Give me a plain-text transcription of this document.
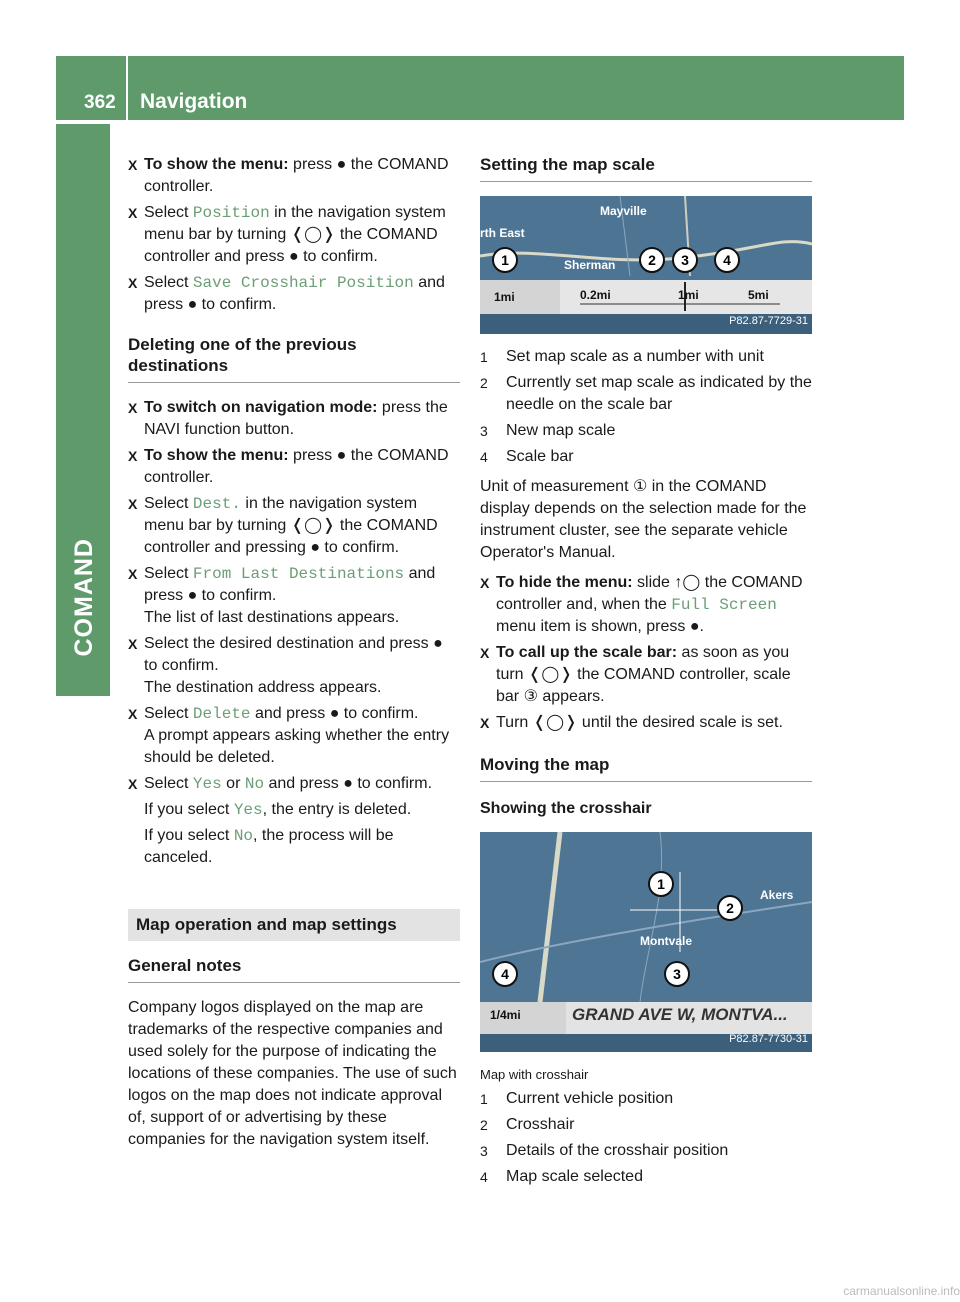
362 Navigation
COMAND

X To show the menu: press ● the COMAND controller.

X Select Position in the navigation system menu bar by turning ❬◯❭ the COMAND controller and press ● to confirm.

X Select Save Crosshair Position and press ● to confirm.

Deleting one of the previous destinations

X To switch on navigation mode: press the NAVI function button.

X To show the menu: press ● the COMAND controller.

X Select Dest. in the navigation system menu bar by turning ❬◯❭ the COMAND controller and pressing ● to confirm.

X Select From Last Destinations and press ● to confirm.

The list of last destinations appears.

X Select the desired destination and press ● to confirm.

The destination address appears.

X Select Delete and press ● to confirm.

A prompt appears asking whether the entry should be deleted.

X Select Yes or No and press ● to confirm.

If you select Yes, the entry is deleted.

If you select No, the process will be canceled.

Map operation and map settings
General notes

Company logos displayed on the map are trademarks of the respective companies and used solely for the purpose of indicating the locations of these companies. The use of such logos on the map does not indicate approval of, support of or advertising by these companies for the navigation system itself.

Setting the map scale
1	2 3 4
Mayville
rth East
Sherman
1mi	0.2mi	1mi	5mi
P82.87-7729-31
1	Set map scale as a number with unit
2	Currently set map scale as indicated by the needle on the scale bar
3	New map scale
4	Scale bar

Unit of measurement ① in the COMAND display depends on the selection made for the instrument cluster, see the separate vehicle Operator's Manual.

X To hide the menu: slide ↑◯ the COMAND controller and, when the Full Screen menu item is shown, press ●.

X To call up the scale bar: as soon as you turn ❬◯❭ the COMAND controller, scale bar ③ appears.

X Turn ❬◯❭ until the desired scale is set.

Moving the map
Showing the crosshair
1
2
3
4
Akers
Montvale
1/4mi	GRAND AVE W, MONTVA...
P82.87-7730-31
Map with crosshair
1	Current vehicle position
2	Crosshair
3	Details of the crosshair position
4	Map scale selected
carmanualsonline.info
